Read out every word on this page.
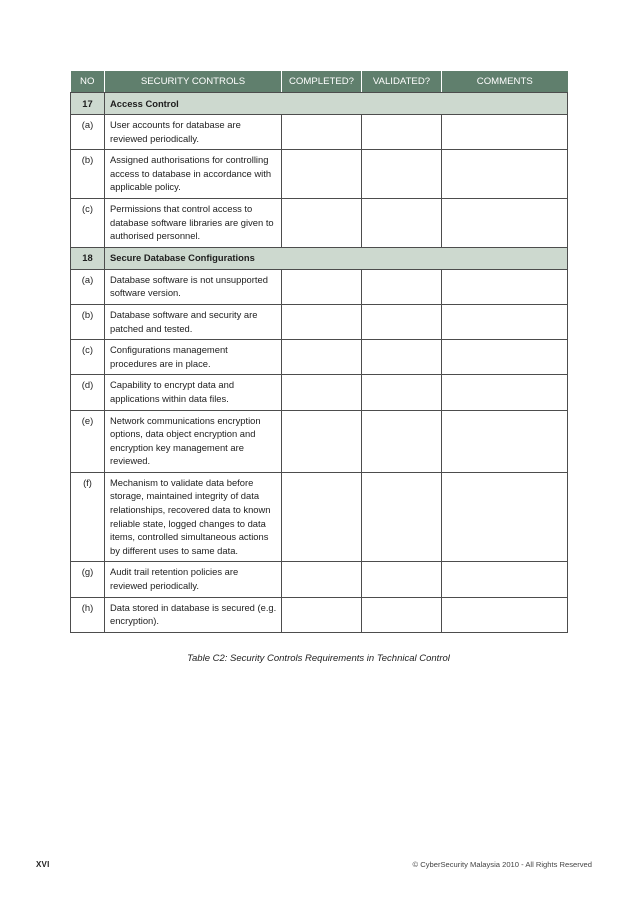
NO	SECURITY CONTROLS	COMPLETED?	VALIDATED?	COMMENTS
17	Access Control			
(a)	User accounts for database are reviewed periodically.			
(b)	Assigned authorisations for controlling access to database in accordance with applicable policy.			
(c)	Permissions that control access to database software libraries are given to authorised personnel.			
18	Secure Database Configurations			
(a)	Database software is not unsupported software version.			
(b)	Database software and security are patched and tested.			
(c)	Configurations management procedures are in place.			
(d)	Capability to encrypt data and applications within data files.			
(e)	Network communications encryption options, data object encryption and encryption key management are reviewed.			
(f)	Mechanism to validate data before storage, maintained integrity of data relationships, recovered data to known reliable state, logged changes to data items, controlled simultaneous actions by different uses to same data.			
(g)	Audit trail retention policies are reviewed periodically.			
(h)	Data stored in database is secured (e.g. encryption).			
Table C2: Security Controls Requirements in Technical Control
XVI	© CyberSecurity Malaysia 2010 - All Rights Reserved
